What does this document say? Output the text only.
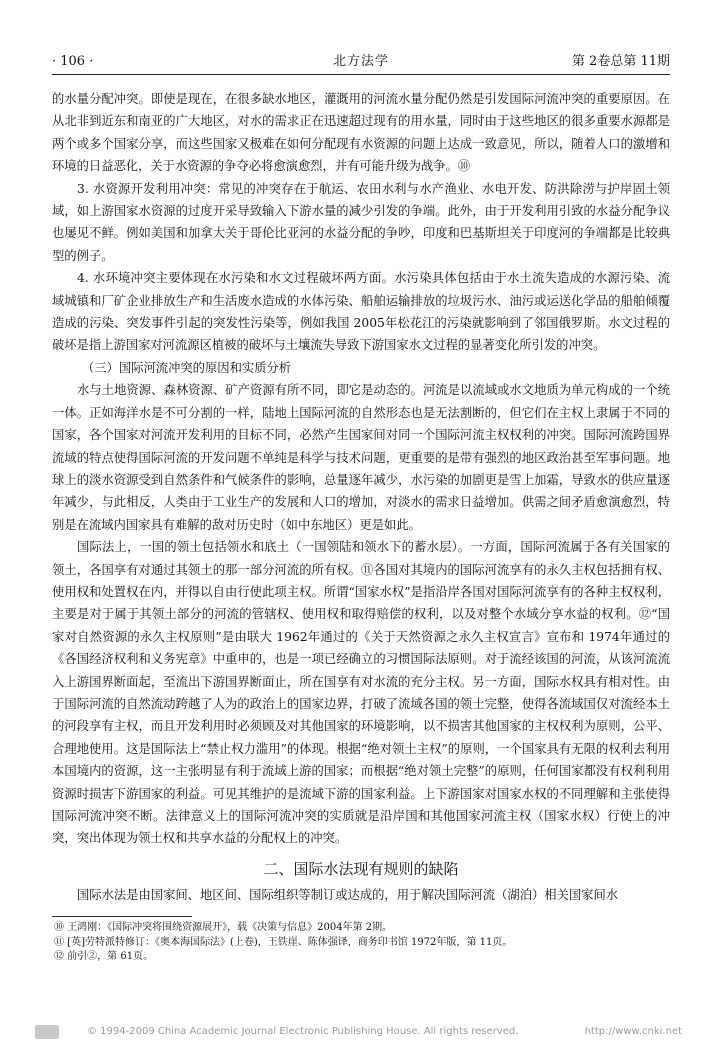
· 106 ·	北方法学	第 2卷总第 11期

的水量分配冲突。即使是现在，在很多缺水地区，灌溉用的河流水量分配仍然是引发国际河流冲突的重要原因。在从北非到近东和南亚的广大地区，对水的需求正在迅速超过现有的用水量，同时由于这些地区的很多重要水源都是两个或多个国家分享，而这些国家又极难在如何分配现有水资源的问题上达成一致意见，所以，随着人口的激增和环境的日益恶化，关于水资源的争夺必将愈演愈烈，并有可能升级为战争。⑩

3. 水资源开发利用冲突：常见的冲突存在于航运、农田水利与水产渔业、水电开发、防洪除涝与护岸固土领域，如上游国家水资源的过度开采导致输入下游水量的减少引发的争端。此外，由于开发利用引致的水益分配争议也屡见不鲜。例如美国和加拿大关于哥伦比亚河的水益分配的争吵，印度和巴基斯坦关于印度河的争端都是比较典型的例子。

4. 水环境冲突主要体现在水污染和水文过程破坏两方面。水污染具体包括由于水土流失造成的水源污染、流域城镇和厂矿企业排放生产和生活废水造成的水体污染、船舶运输排放的垃圾污水、油污或运送化学品的船舶倾覆造成的污染、突发事件引起的突发性污染等，例如我国 2005年松花江的污染就影响到了邻国俄罗斯。水文过程的破坏是指上游国家对河流源区植被的破坏与土壤流失导致下游国家水文过程的显著变化所引发的冲突。

（三）国际河流冲突的原因和实质分析

水与土地资源、森林资源、矿产资源有所不同，即它是动态的。河流是以流域或水文地质为单元构成的一个统一体。正如海洋水是不可分割的一样，陆地上国际河流的自然形态也是无法割断的，但它们在主权上隶属于不同的国家，各个国家对河流开发利用的目标不同，必然产生国家间对同一个国际河流主权权利的冲突。国际河流跨国界流域的特点使得国际河流的开发问题不单纯是科学与技术问题，更重要的是带有强烈的地区政治甚至军事问题。地球上的淡水资源受到自然条件和气候条件的影响，总量逐年减少，水污染的加剧更是雪上加霜，导致水的供应量逐年减少，与此相反，人类由于工业生产的发展和人口的增加，对淡水的需求日益增加。供需之间矛盾愈演愈烈，特别是在流域内国家具有难解的敌对历史时（如中东地区）更是如此。

国际法上，一国的领土包括领水和底土（一国领陆和领水下的蓄水层）。一方面，国际河流属于各有关国家的领土，各国享有对通过其领土的那一部分河流的所有权。⑪各国对其境内的国际河流享有的永久主权包括拥有权、使用权和处置权在内，并得以自由行使此项主权。所谓“国家水权”是指沿岸各国对国际河流享有的各种主权权利，主要是对于属于其领土部分的河流的管辖权、使用权和取得赔偿的权利，以及对整个水域分享水益的权利。⑫“国家对自然资源的永久主权原则”是由联大 1962年通过的《关于天然资源之永久主权宣言》宣布和 1974年通过的《各国经济权利和义务宪章》中重申的，也是一项已经确立的习惯国际法原则。对于流经该国的河流，从该河流流入上游国界断面起，至流出下游国界断面止，所在国享有对水流的充分主权。另一方面，国际水权具有相对性。由于国际河流的自然流动跨越了人为的政治上的国家边界，打破了流域各国的领土完整，使得各流域国仅对流经本土的河段享有主权，而且开发利用时必须顾及对其他国家的环境影响，以不损害其他国家的主权权利为原则，公平、合理地使用。这是国际法上“禁止权力滥用”的体现。根据“绝对领土主权”的原则，一个国家具有无限的权利去利用本国境内的资源，这一主张明显有利于流域上游的国家；而根据“绝对领土完整”的原则，任何国家都没有权利利用资源时损害下游国家的利益。可见其维护的是流域下游的国家利益。上下游国家对国家水权的不同理解和主张使得国际河流冲突不断。法律意义上的国际河流冲突的实质就是沿岸国和其他国家河流主权（国家水权）行使上的冲突，突出体现为领土权和共享水益的分配权上的冲突。

二、国际水法现有规则的缺陷

国际水法是由国家间、地区间、国际组织等制订或达成的，用于解决国际河流（湖泊）相关国家间水

⑩ 王鸿刚：《国际冲突将围绕资源展开》，载《决策与信息》2004年第 2期。
⑪ [英]劳特派特修订：《奥本海国际法》(上卷)，王铁崖、陈体强译，商务印书馆 1972年版，第 11页。
⑫ 前引②，第 61页。
© 1994-2009 China Academic Journal Electronic Publishing House. All rights reserved.	http://www.cnki.net
